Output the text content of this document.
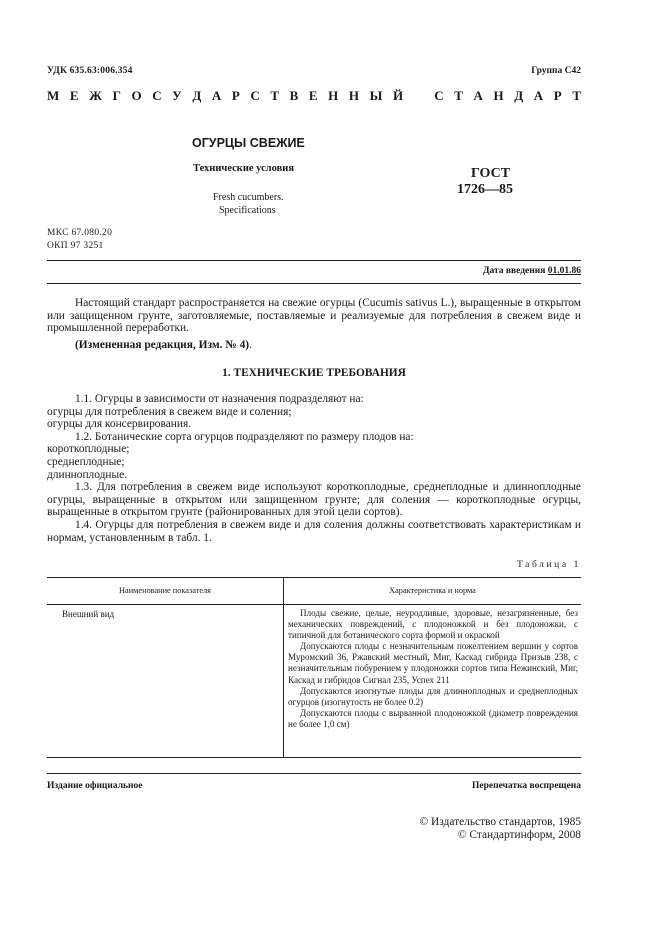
УДК 635.63:006.354	Группа С42
М Е Ж Г О С У Д А Р С Т В Е Н Н Ы Й С Т А Н Д А Р Т
ОГУРЦЫ СВЕЖИЕ
Технические условия
Fresh cucumbers.
Specifications
ГОСТ
1726—85
МКС 67.080.20
ОКП 97 3251
Дата введения 01.01.86
Настоящий стандарт распространяется на свежие огурцы (Cucumis sativus L.), выращенные в открытом или защищенном грунте, заготовляемые, поставляемые и реализуемые для потребления в свежем виде и промышленной переработки.
(Измененная редакция, Изм. № 4).
1. ТЕХНИЧЕСКИЕ ТРЕБОВАНИЯ

1.1. Огурцы в зависимости от назначения подразделяют на:

огурцы для потребления в свежем виде и соления;

огурцы для консервирования.

1.2. Ботанические сорта огурцов подразделяют по размеру плодов на:

короткоплодные;

среднеплодные;

длинноплодные.

1.3. Для потребления в свежем виде используют короткоплодные, среднеплодные и длинноплодные огурцы, выращенные в открытом или защищенном грунте; для соления — короткоплодные огурцы, выращенные в открытом грунте (районированных для этой цели сортов).

1.4. Огурцы для потребления в свежем виде и для соления должны соответствовать характеристикам и нормам, установленным в табл. 1.

Таблица 1
Наименование показателя	Характеристика и норма
Внешний вид	Плоды свежие, целые, неуродливые, здоровые, незагрязненные, без механических повреждений, с плодоножкой и без плодоножки, с типичной для ботанического сорта формой и окраской

Допускаются плоды с незначительным пожелтением вершин у сортов Муромский 36, Ржавский местный, Миг, Каскад гибрида Призыв 238, с незначительным побурением у плодоножки сортов типа Нежинский, Миг, Каскад и гибридов Сигнал 235, Успех 211

Допускаются изогнутые плоды для длинноплодных и среднеплодных огурцов (изогнутость не более 0.2)

Допускаются плоды с вырванной плодоножкой (диаметр повреждения не более 1,0 см)

Издание официальное	Перепечатка воспрещена
© Издательство стандартов, 1985
© Стандартинформ, 2008
